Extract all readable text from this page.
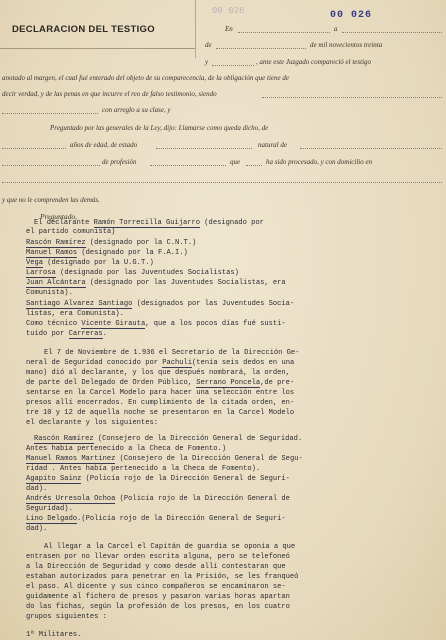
DECLARACION DEL TESTIGO
00 026
00 026
En	a
de	de mil novecientos treinta
y	, ante este Juzgado compareció el testigo
anotado al margen, el cual fué enterado del objeto de su comparecencia, de la obligación que tiene de
decir verdad, y de las penas en que incurre el reo de falso testimonio, siendo
con arreglo a su clase, y
Preguntado por las generales de la Ley, dijo: Llamarse como queda dicho, de
años de edad, de estado	natural de
de profesión	que	ha sido procesado, y con domicilio en
y que no le comprenden las demás.
Preguntado,
El declarante Ramón Torrecilla Guijarro (designado por
el partido comunista)
Rascón Ramírez (designado por la C.N.T.)
Manuel Ramos (designado por la F.A.I.)
Vega (designado por la U.G.T.)
Larrosa (designado por las Juventudes Socialistas)
Juan Alcántara (designado por las Juventudes Socialistas, era
Comunista).
Santiago Alvarez Santiago (designados por las Juventudes Socia-
listas, era Comunista).
Como técnico Vicente Girauta, que a los pocos días fué susti-
tuido por Carreras.
El 7 de Noviembre de 1.936 el Secretario de la Dirección Ge-
neral de Seguridad conocido por Pachuli(tenía seis dedos en una
mano) dió al declarante, y los que después nombrará, la orden,
de parte del Delegado de Orden Público, Serrano Poncela,de pre-
sentarse en la Carcel Modelo para hacer una selección entre los
presos allí encerrados. En cumplimiento de la citada orden, en-
tre 10 y 12 de aquella noche se presentaron en la Carcel Modelo
el declarante y los siguientes:
Rascón Ramírez (Consejero de la Dirección General de Seguridad.
Antes había pertenecido a la Checa de Fomento.)
Manuel Ramos Martínez (Consejero de la Dirección General de Segu-
ridad . Antes había pertenecido a la Checa de Fomento).
Agapito Sainz (Policía rojo de la Dirección General de Seguri-
dad).
Andrés Urresola Ochoa (Policía rojo de la Dirección General de
Seguridad).
Lino Delgado.(Policía rojo de la Dirección General de Seguri-
dad).
Al llegar a la Carcel el Capitán de guardia se oponía a que
entrasen por no llevar orden escrita alguna, pero se telefoneó
a la Dirección de Seguridad y como desde allí contestaran que
estaban autorizados para penetrar en la Prisión, se les franqueó
el paso. Al dicente y sus cinco compañeros se encaminaron se-
guidamente al fichero de presos y pasaron varias horas apartan
do las fichas, según la profesión de los presos, en los cuatro
grupos siguientes :
1ª Militares.
